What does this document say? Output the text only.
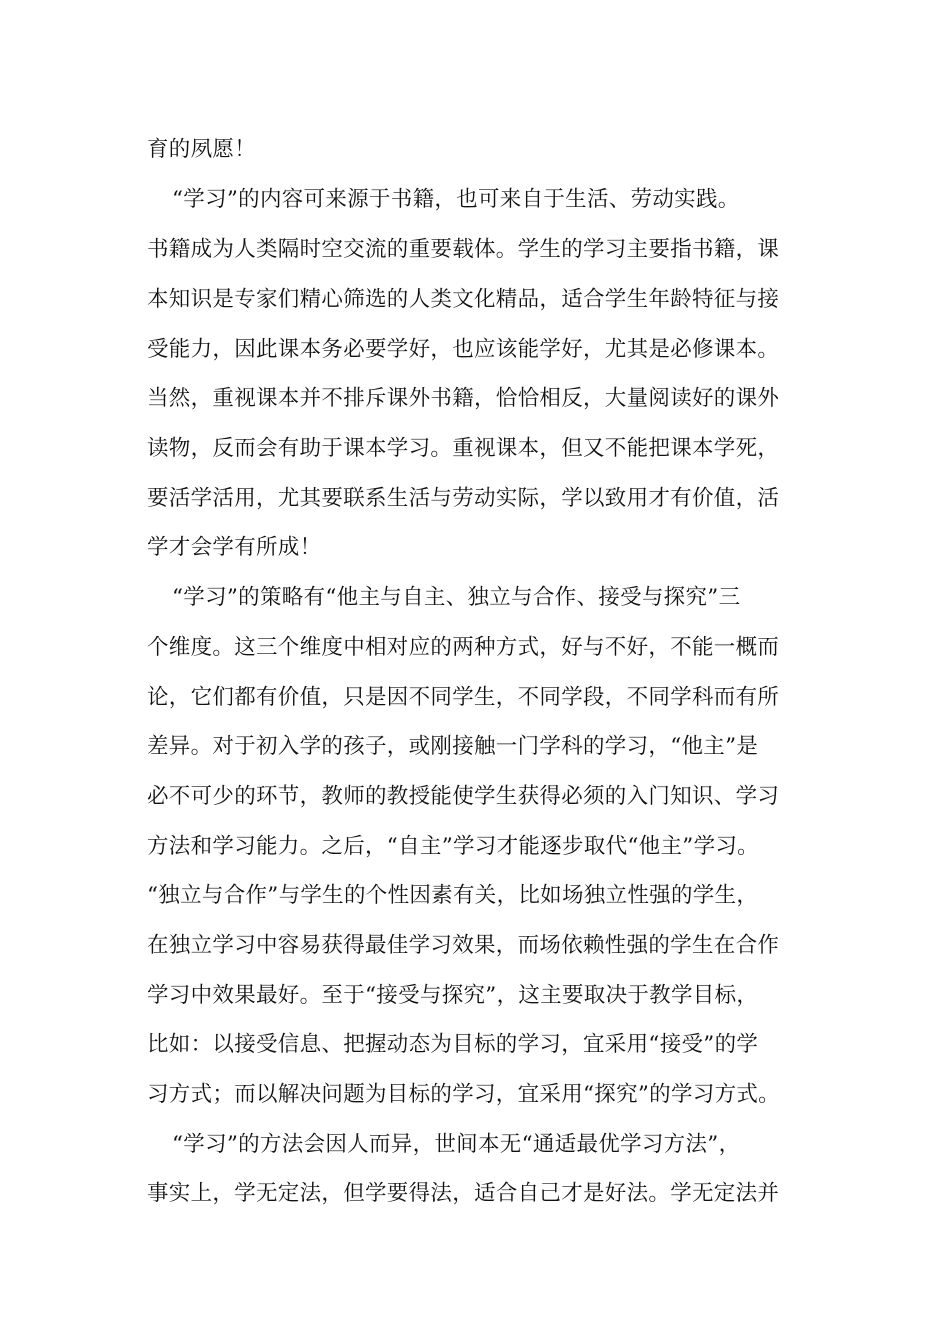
育的夙愿！
“学习”的内容可来源于书籍，也可来自于生活、劳动实践。
书籍成为人类隔时空交流的重要载体。学生的学习主要指书籍，课
本知识是专家们精心筛选的人类文化精品，适合学生年龄特征与接
受能力，因此课本务必要学好，也应该能学好，尤其是必修课本。
当然，重视课本并不排斥课外书籍，恰恰相反，大量阅读好的课外
读物，反而会有助于课本学习。重视课本，但又不能把课本学死，
要活学活用，尤其要联系生活与劳动实际，学以致用才有价值，活
学才会学有所成！
“学习”的策略有“他主与自主、独立与合作、接受与探究”三
个维度。这三个维度中相对应的两种方式，好与不好，不能一概而
论，它们都有价值，只是因不同学生，不同学段，不同学科而有所
差异。对于初入学的孩子，或刚接触一门学科的学习，“他主”是
必不可少的环节，教师的教授能使学生获得必须的入门知识、学习
方法和学习能力。之后，“自主”学习才能逐步取代“他主”学习。
“独立与合作”与学生的个性因素有关，比如场独立性强的学生，
在独立学习中容易获得最佳学习效果，而场依赖性强的学生在合作
学习中效果最好。至于“接受与探究”，这主要取决于教学目标，
比如：以接受信息、把握动态为目标的学习，宜采用“接受”的学
习方式；而以解决问题为目标的学习，宜采用“探究”的学习方式。
“学习”的方法会因人而异，世间本无“通适最优学习方法”，
事实上，学无定法，但学要得法，适合自己才是好法。学无定法并
